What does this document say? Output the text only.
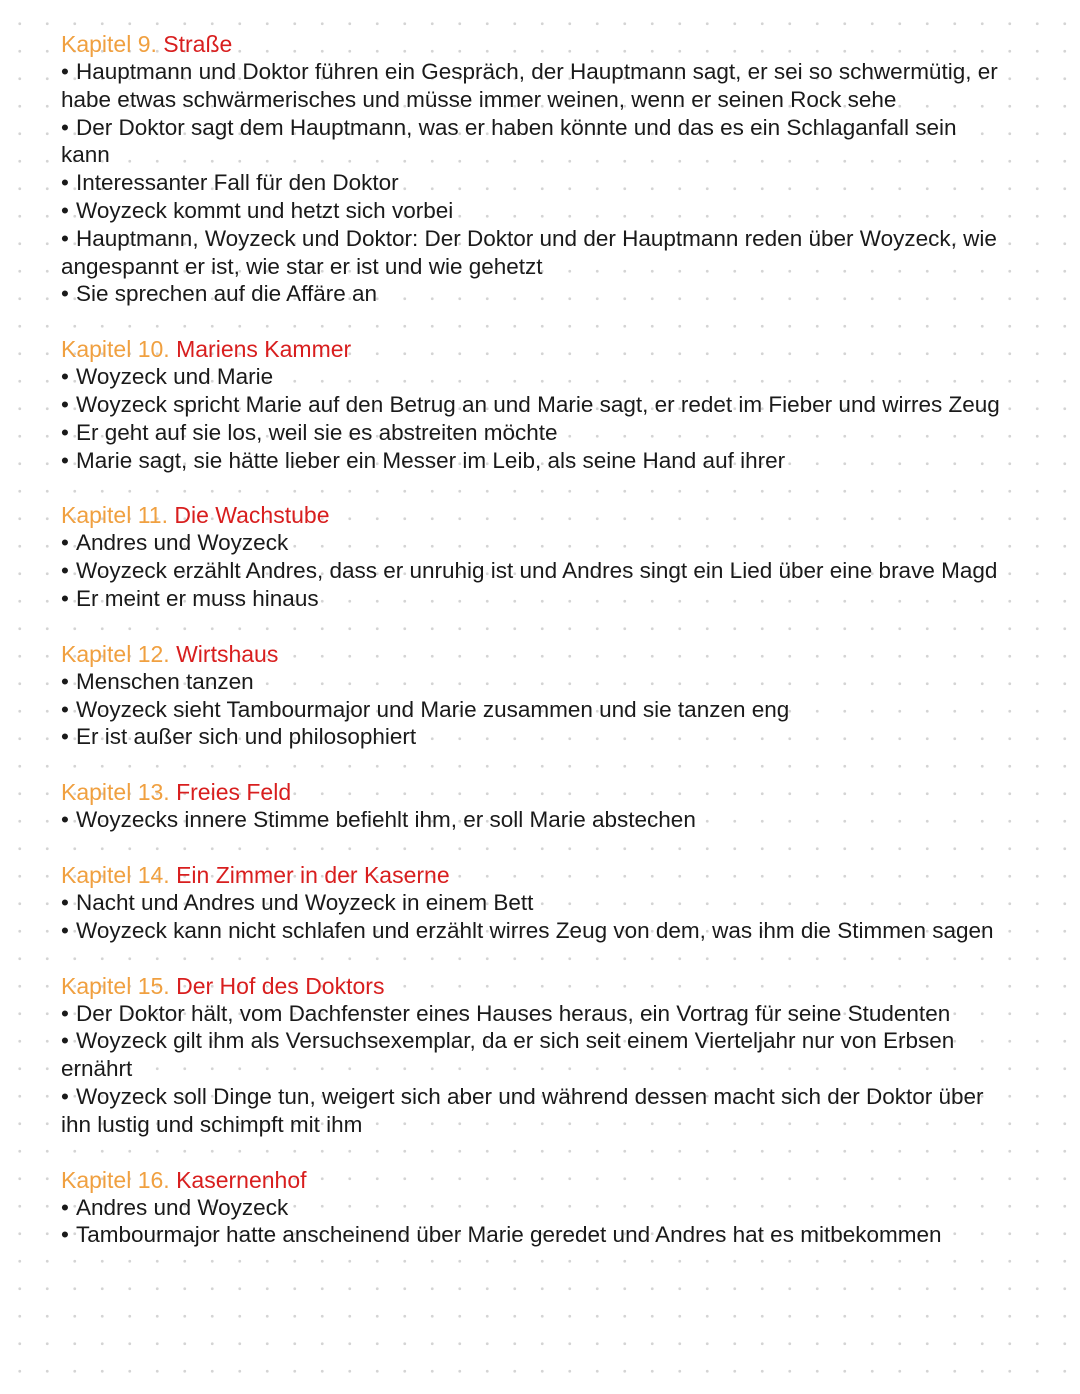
Kapitel 9. Straße
• Hauptmann und Doktor führen ein Gespräch, der Hauptmann sagt, er sei so schwermütig, er habe etwas schwärmerisches und müsse immer weinen, wenn er seinen Rock sehe
• Der Doktor sagt dem Hauptmann, was er haben könnte und das es ein Schlaganfall sein kann
• Interessanter Fall für den Doktor
• Woyzeck kommt und hetzt sich vorbei
• Hauptmann, Woyzeck und Doktor: Der Doktor und der Hauptmann reden über Woyzeck, wie angespannt er ist, wie star er ist und wie gehetzt
• Sie sprechen auf die Affäre an
Kapitel 10. Mariens Kammer
• Woyzeck und Marie
• Woyzeck spricht Marie auf den Betrug an und Marie sagt, er redet im Fieber und wirres Zeug
• Er geht auf sie los, weil sie es abstreiten möchte
• Marie sagt, sie hätte lieber ein Messer im Leib, als seine Hand auf ihrer
Kapitel 11. Die Wachstube
• Andres und Woyzeck
• Woyzeck erzählt Andres, dass er unruhig ist und Andres singt ein Lied über eine brave Magd
• Er meint er muss hinaus
Kapitel 12. Wirtshaus
• Menschen tanzen
• Woyzeck sieht Tambourmajor und Marie zusammen und sie tanzen eng
• Er ist außer sich und philosophiert
Kapitel 13. Freies Feld
• Woyzecks innere Stimme befiehlt ihm, er soll Marie abstechen
Kapitel 14. Ein Zimmer in der Kaserne
• Nacht und Andres und Woyzeck in einem Bett
• Woyzeck kann nicht schlafen und erzählt wirres Zeug von dem, was ihm die Stimmen sagen
Kapitel 15. Der Hof des Doktors
• Der Doktor hält, vom Dachfenster eines Hauses heraus, ein Vortrag für seine Studenten
• Woyzeck gilt ihm als Versuchsexemplar, da er sich seit einem Vierteljahr nur von Erbsen ernährt
• Woyzeck soll Dinge tun, weigert sich aber und während dessen macht sich der Doktor über ihn lustig und schimpft mit ihm
Kapitel 16. Kasernenhof
• Andres und Woyzeck
• Tambourmajor hatte anscheinend über Marie geredet und Andres hat es mitbekommen
